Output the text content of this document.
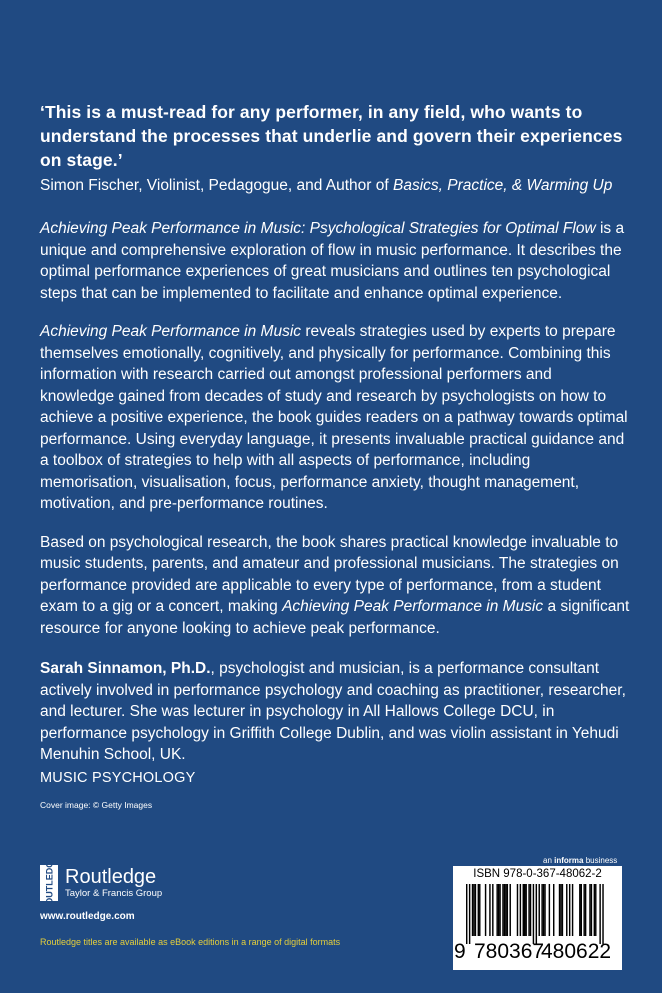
‘This is a must-read for any performer, in any field, who wants to understand the processes that underlie and govern their experiences on stage.’

Simon Fischer, Violinist, Pedagogue, and Author of Basics, Practice, & Warming Up

Achieving Peak Performance in Music: Psychological Strategies for Optimal Flow is a unique and comprehensive exploration of flow in music performance. It describes the optimal performance experiences of great musicians and outlines ten psychological steps that can be implemented to facilitate and enhance optimal experience.

Achieving Peak Performance in Music reveals strategies used by experts to prepare themselves emotionally, cognitively, and physically for performance. Combining this information with research carried out amongst professional performers and knowledge gained from decades of study and research by psychologists on how to achieve a positive experience, the book guides readers on a pathway towards optimal performance. Using everyday language, it presents invaluable practical guidance and a toolbox of strategies to help with all aspects of performance, including memorisation, visualisation, focus, performance anxiety, thought management, motivation, and pre-performance routines.

Based on psychological research, the book shares practical knowledge invaluable to music students, parents, and amateur and professional musicians. The strategies on performance provided are applicable to every type of performance, from a student exam to a gig or a concert, making Achieving Peak Performance in Music a significant resource for anyone looking to achieve peak performance.

Sarah Sinnamon, Ph.D., psychologist and musician, is a performance consultant actively involved in performance psychology and coaching as practitioner, researcher, and lecturer. She was lecturer in psychology in All Hallows College DCU, in performance psychology in Griffith College Dublin, and was violin assistant in Yehudi Menuhin School, UK.

MUSIC PSYCHOLOGY
Cover image: © Getty Images
an informa business
ROUTLEDGE Routledge
Taylor & Francis Group
www.routledge.com
Routledge titles are available as eBook editions in a range of digital formats
ISBN 978-0-367-48062-2
9 780367
480622
